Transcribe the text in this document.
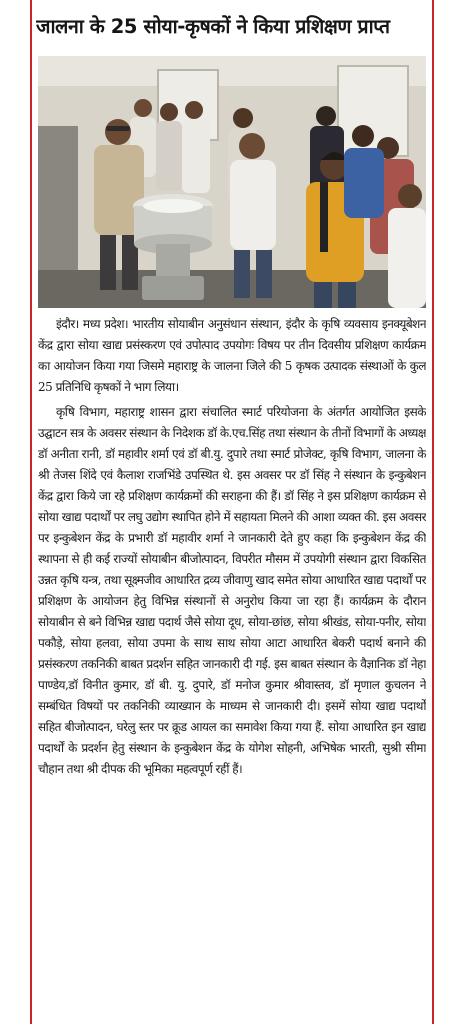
जालना के 25 सोया-कृषकों ने किया प्रशिक्षण प्राप्त

इंदौर। मध्य प्रदेश। भारतीय सोयाबीन अनुसंधान संस्थान, इंदौर के कृषि व्यवसाय इनक्यूबेशन केंद्र द्वारा सोया खाद्य प्रसंस्करण एवं उपोत्पाद उपयोगः विषय पर तीन दिवसीय प्रशिक्षण कार्यक्रम का आयोजन किया गया जिसमे महाराष्ट्र के जालना जिले की 5 कृषक उत्पादक संस्थाओं के कुल 25 प्रतिनिधि कृषकों ने भाग लिया।

कृषि विभाग, महाराष्ट्र शासन द्वारा संचालित स्मार्ट परियोजना के अंतर्गत आयोजित इसके उद्घाटन सत्र के अवसर संस्थान के निदेशक डॉ के.एच.सिंह तथा संस्थान के तीनों विभागों के अध्यक्ष डॉ अनीता रानी, डॉ महावीर शर्मा एवं डॉ बी.यु. दुपारे तथा स्मार्ट प्रोजेक्ट, कृषि विभाग, जालना के श्री तेजस शिंदे एवं कैलाश राजभिंडे उपस्थित थे. इस अवसर पर डॉ सिंह ने संस्थान के इन्कुबेशन केंद्र द्वारा किये जा रहे प्रशिक्षण कार्यक्रमों की सराहना की हैं। डॉ सिंह ने इस प्रशिक्षण कार्यक्रम से सोया खाद्य पदार्थों पर लघु उद्योग स्थापित होने में सहायता मिलने की आशा व्यक्त की. इस अवसर पर इन्कुबेशन केंद्र के प्रभारी डॉ महावीर शर्मा ने जानकारी देते हुए कहा कि इन्कुबेशन केंद्र की स्थापना से ही कई राज्यों सोयाबीन बीजोत्पादन, विपरीत मौसम में उपयोगी संस्थान द्वारा विकसित उन्नत कृषि यन्त्र, तथा सूक्ष्मजीव आधारित द्रव्य जीवाणु खाद समेत सोया आधारित खाद्य पदार्थों पर प्रशिक्षण के आयोजन हेतु विभिन्न संस्थानों से अनुरोध किया जा रहा हैं। कार्यक्रम के दौरान सोयाबीन से बने विभिन्न खाद्य पदार्थ जैसे सोया दूध, सोया-छांछ, सोया श्रीखंड, सोया-पनीर, सोया पकौड़े, सोया हलवा, सोया उपमा के साथ साथ सोया आटा आधारित बेकरी पदार्थ बनाने की प्रसंस्करण तकनिकी बाबत प्रदर्शन सहित जानकारी दी गई. इस बाबत संस्थान के वैज्ञानिक डॉ नेहा पाण्डेय,डॉ विनीत कुमार, डॉ बी. यु. दुपारे, डॉ मनोज कुमार श्रीवास्तव, डॉ मृणाल कुचलन ने सम्बंधित विषयों पर तकनिकी व्याख्यान के माध्यम से जानकारी दी। इसमें सोया खाद्य पदार्थों सहित बीजोत्पादन, घरेलु स्तर पर क्रूड आयल का समावेश किया गया हैं. सोया आधारित इन खाद्य पदार्थों के प्रदर्शन हेतु संस्थान के इन्कुबेशन केंद्र के योगेश सोहनी, अभिषेक भारती, सुश्री सीमा चौहान तथा श्री दीपक की भूमिका महत्वपूर्ण रहीं हैं।
